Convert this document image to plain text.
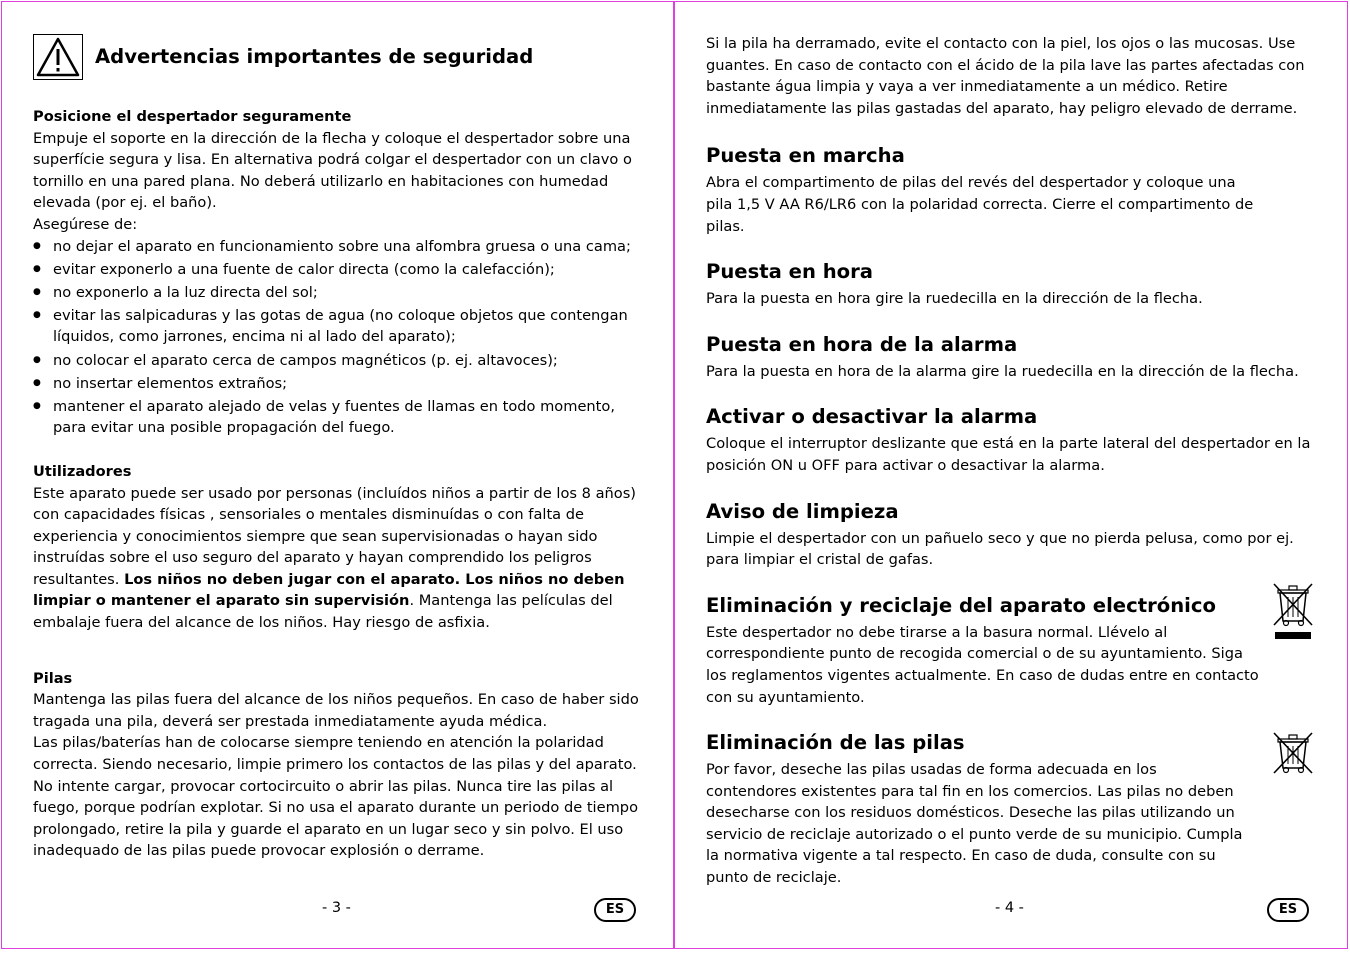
Advertencias importantes de seguridad

Posicione el despertador seguramente

Empuje el soporte en la dirección de la flecha y coloque el despertador sobre una superfície segura y lisa. En alternativa podrá colgar el despertador con un clavo o tornillo en una pared plana. No deberá utilizarlo en habitaciones con humedad elevada (por ej. el baño).

Asegúrese de:

● no dejar el aparato en funcionamiento sobre una alfombra gruesa o una cama;
● evitar exponerlo a una fuente de calor directa (como la calefacción);
● no exponerlo a la luz directa del sol;
● evitar las salpicaduras y las gotas de agua (no coloque objetos que contengan líquidos, como jarrones, encima ni al lado del aparato);
● no colocar el aparato cerca de campos magnéticos (p. ej. altavoces);
● no insertar elementos extraños;
● mantener el aparato alejado de velas y fuentes de llamas en todo momento, para evitar una posible propagación del fuego.

Utilizadores

Este aparato puede ser usado por personas (incluídos niños a partir de los 8 años) con capacidades físicas , sensoriales o mentales disminuídas o con falta de experiencia y conocimientos siempre que sean supervisionadas o hayan sido instruídas sobre el uso seguro del aparato y hayan comprendido los peligros resultantes. Los niños no deben jugar con el aparato. Los niños no deben limpiar o mantener el aparato sin supervisión. Mantenga las películas del embalaje fuera del alcance de los niños. Hay riesgo de asfixia.

Pilas

Mantenga las pilas fuera del alcance de los niños pequeños. En caso de haber sido tragada una pila, deverá ser prestada inmediatamente ayuda médica.

Las pilas/baterías han de colocarse siempre teniendo en atención la polaridad correcta. Siendo necesario, limpie primero los contactos de las pilas y del aparato. No intente cargar, provocar cortocircuito o abrir las pilas. Nunca tire las pilas al fuego, porque podrían explotar. Si no usa el aparato durante un periodo de tiempo prolongado, retire la pila y guarde el aparato en un lugar seco y sin polvo. El uso inadequado de las pilas puede provocar explosión o derrame.

- 3 -	ES

Si la pila ha derramado, evite el contacto con la piel, los ojos o las mucosas. Use guantes. En caso de contacto con el ácido de la pila lave las partes afectadas con bastante água limpia y vaya a ver inmediatamente a un médico. Retire inmediatamente las pilas gastadas del aparato, hay peligro elevado de derrame.

Puesta en marcha

Abra el compartimento de pilas del revés del despertador y coloque una pila 1,5 V AA R6/LR6 con la polaridad correcta. Cierre el compartimento de pilas.

Puesta en hora

Para la puesta en hora gire la ruedecilla en la dirección de la flecha.

Puesta en hora de la alarma

Para la puesta en hora de la alarma gire la ruedecilla en la dirección de la flecha.

Activar o desactivar la alarma

Coloque el interruptor deslizante que está en la parte lateral del despertador en la posición ON u OFF para activar o desactivar la alarma.

Aviso de limpieza

Limpie el despertador con un pañuelo seco y que no pierda pelusa, como por ej. para limpiar el cristal de gafas.

Eliminación y reciclaje del aparato electrónico

Este despertador no debe tirarse a la basura normal. Llévelo al correspondiente punto de recogida comercial o de su ayuntamiento. Siga los reglamentos vigentes actualmente. En caso de dudas entre en contacto con su ayuntamiento.

Eliminación de las pilas

Por favor, deseche las pilas usadas de forma adecuada en los contendores existentes para tal fin en los comercios. Las pilas no deben desecharse con los residuos domésticos. Deseche las pilas utilizando un servicio de reciclaje autorizado o el punto verde de su municipio. Cumpla la normativa vigente a tal respecto. En caso de duda, consulte con su punto de reciclaje.

- 4 -	ES
